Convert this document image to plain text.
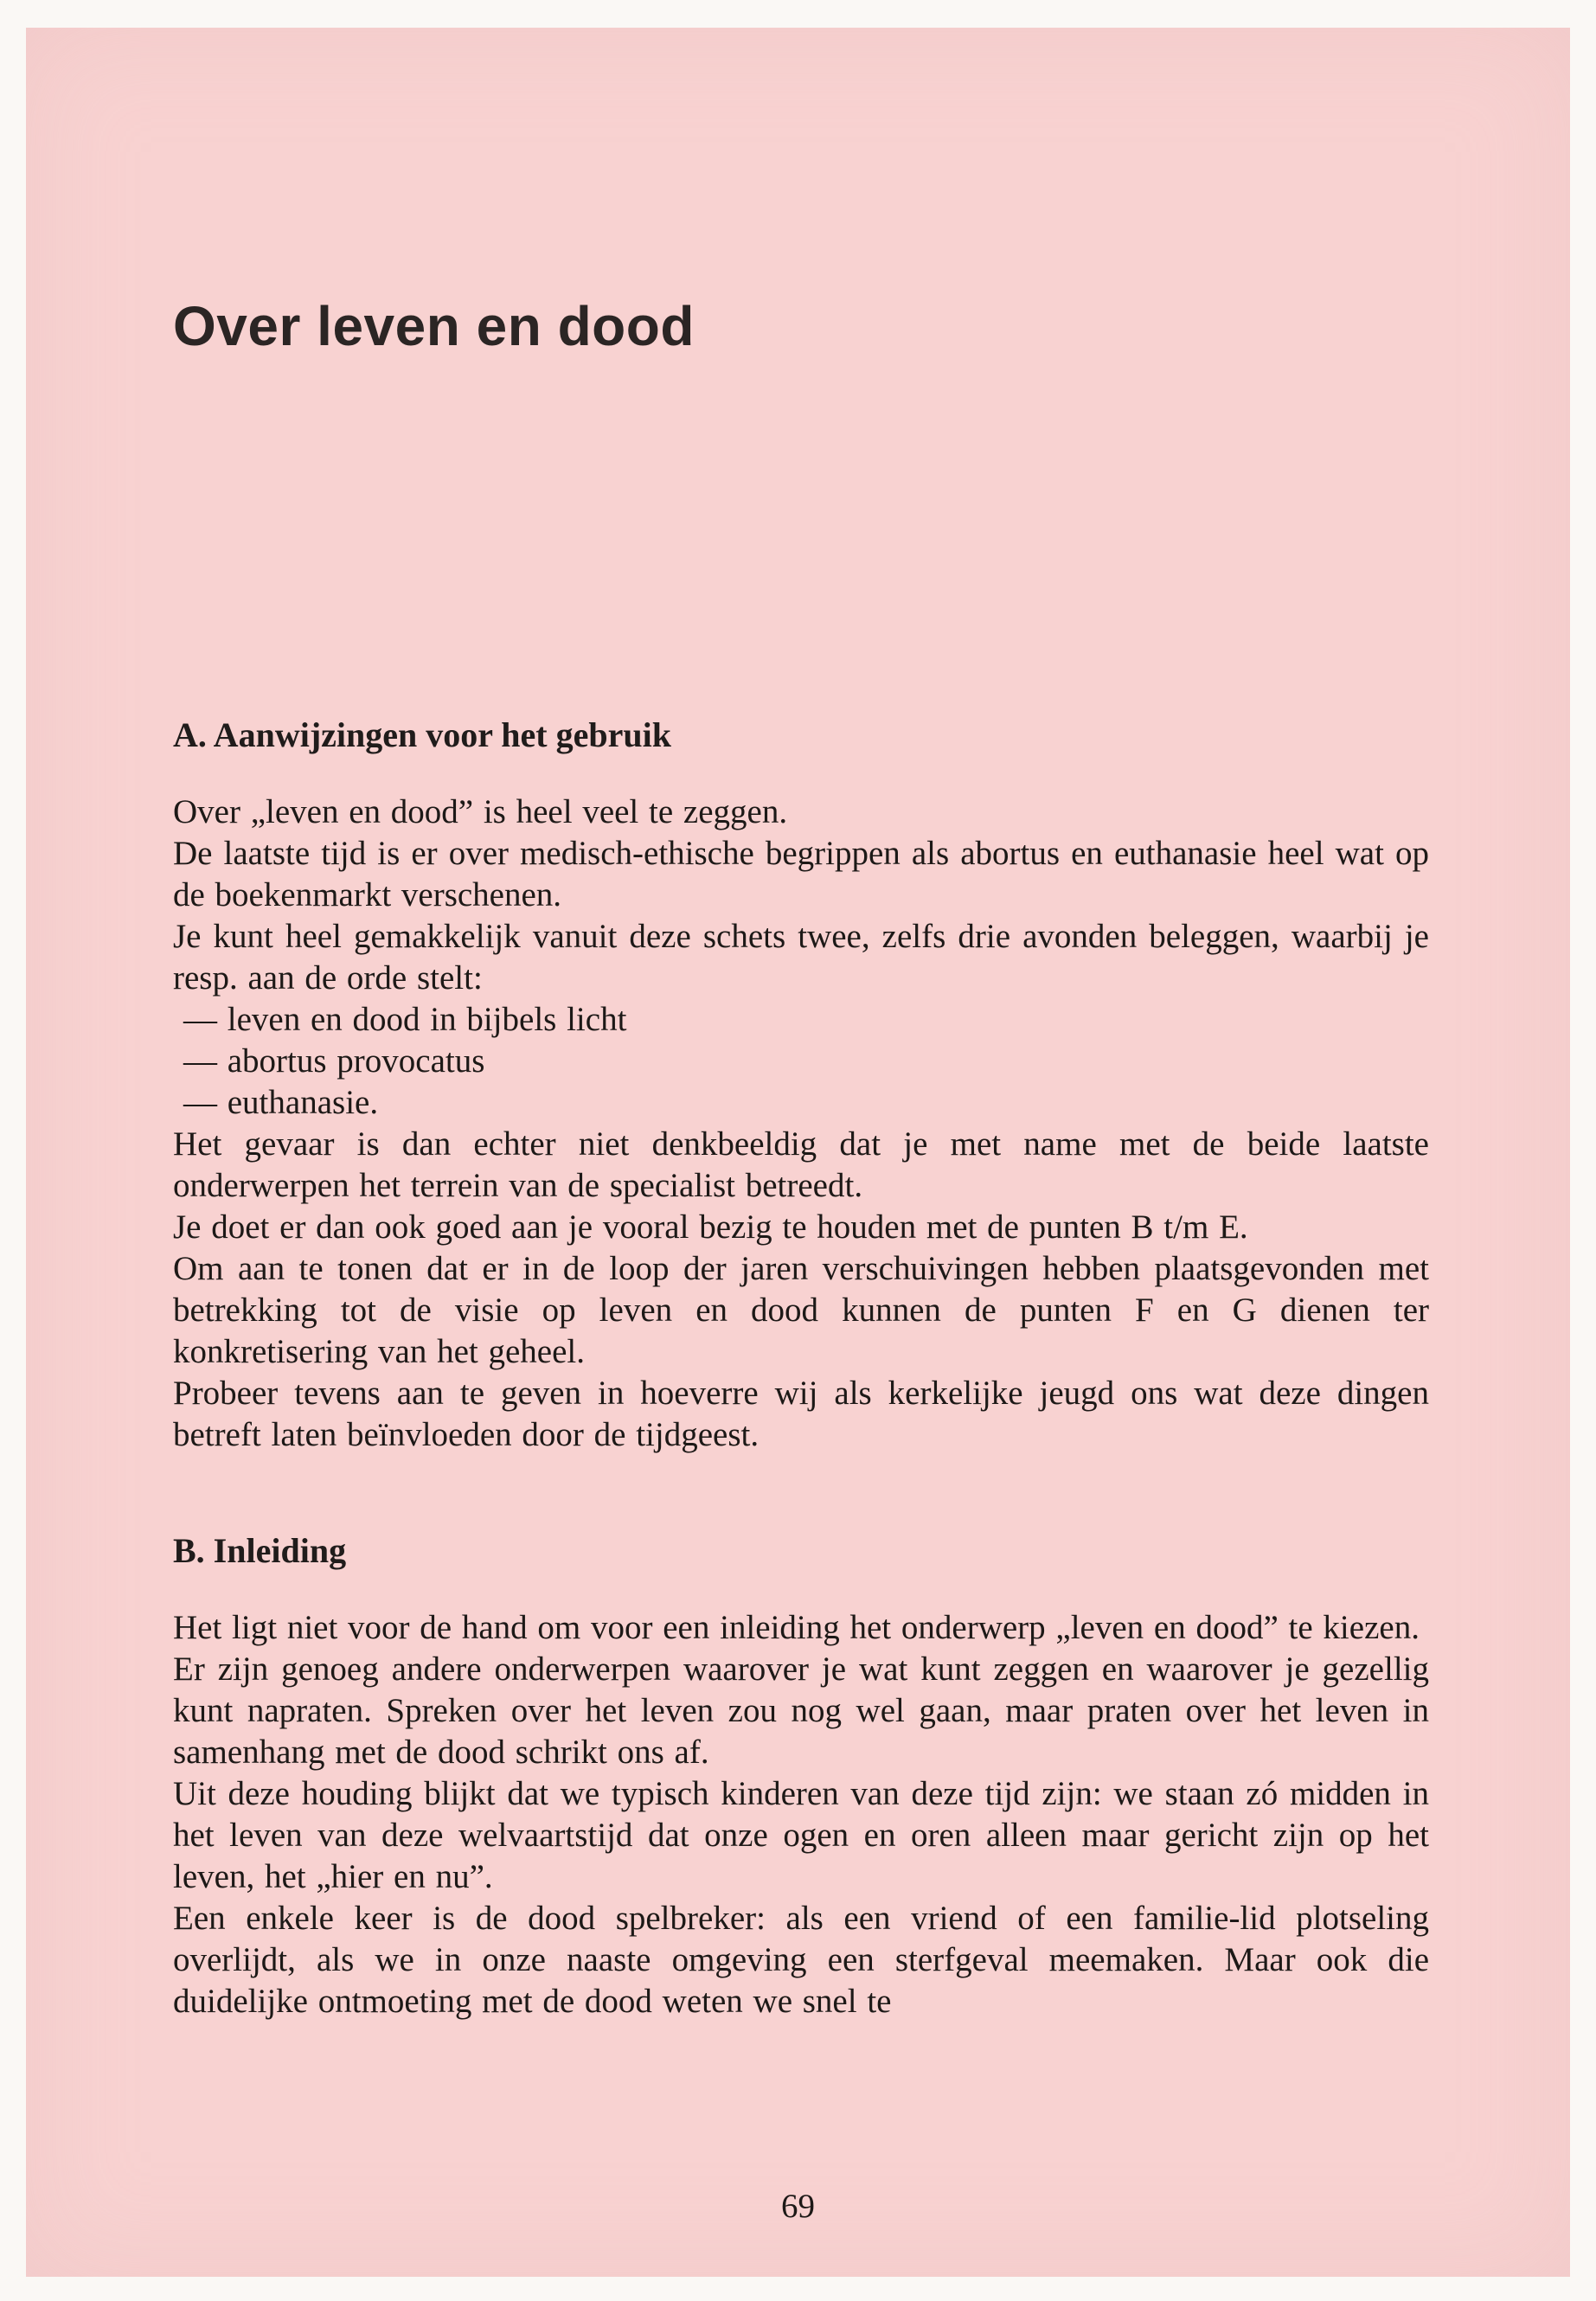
Over leven en dood
A. Aanwijzingen voor het gebruik

Over „leven en dood” is heel veel te zeggen.

De laatste tijd is er over medisch-ethische begrippen als abortus en euthanasie heel wat op de boekenmarkt verschenen.

Je kunt heel gemakkelijk vanuit deze schets twee, zelfs drie avonden beleggen, waarbij je resp. aan de orde stelt:

— leven en dood in bijbels licht

— abortus provocatus

— euthanasie.

Het gevaar is dan echter niet denkbeeldig dat je met name met de beide laatste onderwerpen het terrein van de specialist betreedt.

Je doet er dan ook goed aan je vooral bezig te houden met de punten B t/m E.

Om aan te tonen dat er in de loop der jaren verschuivingen hebben plaatsgevonden met betrekking tot de visie op leven en dood kunnen de punten F en G dienen ter konkretisering van het geheel.

Probeer tevens aan te geven in hoeverre wij als kerkelijke jeugd ons wat deze dingen betreft laten beïnvloeden door de tijdgeest.

B. Inleiding

Het ligt niet voor de hand om voor een inleiding het onderwerp „leven en dood” te kiezen.

Er zijn genoeg andere onderwerpen waarover je wat kunt zeggen en waarover je gezellig kunt napraten. Spreken over het leven zou nog wel gaan, maar praten over het leven in samenhang met de dood schrikt ons af.

Uit deze houding blijkt dat we typisch kinderen van deze tijd zijn: we staan zó midden in het leven van deze welvaartstijd dat onze ogen en oren alleen maar gericht zijn op het leven, het „hier en nu”.

Een enkele keer is de dood spelbreker: als een vriend of een familie-lid plotseling overlijdt, als we in onze naaste omgeving een sterfgeval meemaken. Maar ook die duidelijke ontmoeting met de dood weten we snel te

69
